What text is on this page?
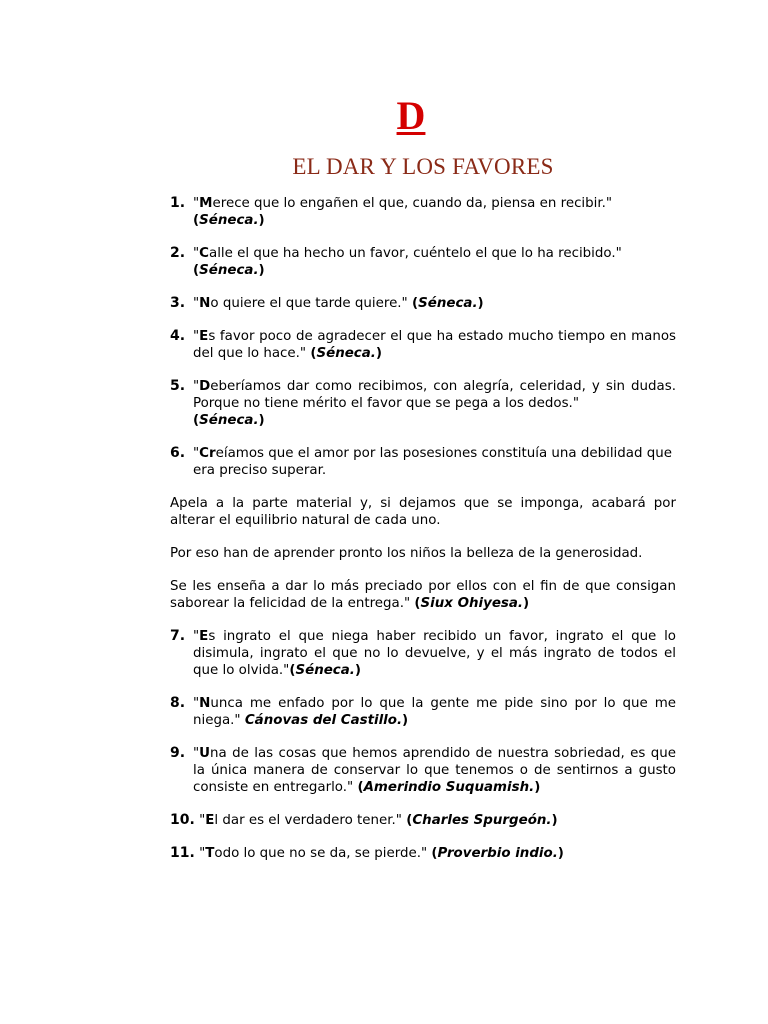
D
EL DAR Y LOS FAVORES
1. "Merece que lo engañen el que, cuando da, piensa en recibir."
(Séneca.)
2. "Calle el que ha hecho un favor, cuéntelo el que lo ha recibido."
(Séneca.)
3. "No quiere el que tarde quiere." (Séneca.)
4. "Es favor poco de agradecer el que ha estado mucho tiempo en manos del que lo hace." (Séneca.)
5. "Deberíamos dar como recibimos, con alegría, celeridad, y sin dudas. Porque no tiene mérito el favor que se pega a los dedos."
(Séneca.)
6. "Creíamos que el amor por las posesiones constituía una debilidad que era preciso superar.
Apela a la parte material y, si dejamos que se imponga, acabará por alterar el equilibrio natural de cada uno.
Por eso han de aprender pronto los niños la belleza de la generosidad.
Se les enseña a dar lo más preciado por ellos con el fin de que consigan saborear la felicidad de la entrega." (Siux Ohiyesa.)
7. "Es ingrato el que niega haber recibido un favor, ingrato el que lo disimula, ingrato el que no lo devuelve, y el más ingrato de todos el que lo olvida."(Séneca.)
8. "Nunca me enfado por lo que la gente me pide sino por lo que me niega." Cánovas del Castillo.)
9. "Una de las cosas que hemos aprendido de nuestra sobriedad, es que la única manera de conservar lo que tenemos o de sentirnos a gusto consiste en entregarlo." (Amerindio Suquamish.)
10. "El dar es el verdadero tener." (Charles Spurgeón.)
11. "Todo lo que no se da, se pierde." (Proverbio indio.)
